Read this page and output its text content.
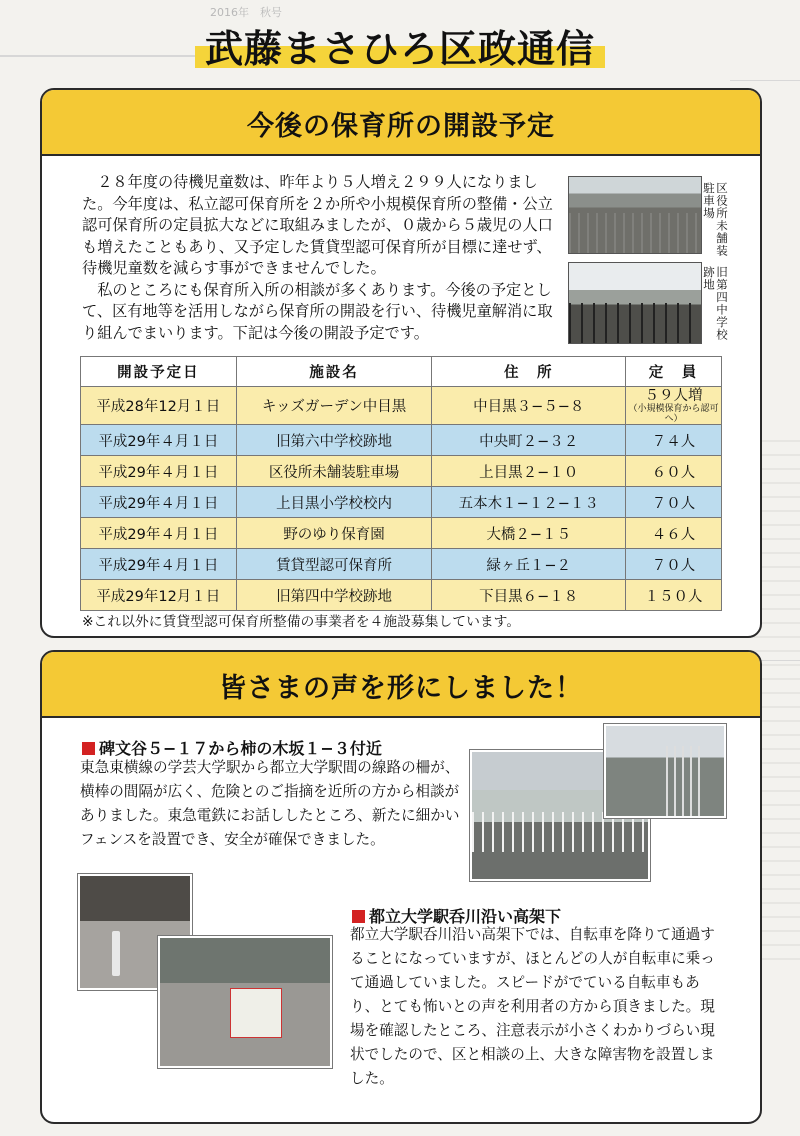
2016年　秋号
武藤まさひろ区政通信
今後の保育所の開設予定

２８年度の待機児童数は、昨年より５人増え２９９人になりました。今年度は、私立認可保育所を２か所や小規模保育所の整備・公立認可保育所の定員拡大などに取組みましたが、０歳から５歳児の人口も増えたこともあり、又予定した賃貸型認可保育所が目標に達せず、待機児童数を減らす事ができませんでした。

私のところにも保育所入所の相談が多くあります。今後の予定として、区有地等を活用しながら保育所の開設を行い、待機児童解消に取り組んでまいります。下記は今後の開設予定です。

区役所未舗装駐車場
旧第四中学校跡地
開設予定日	施設名	住　所	定　員
平成28年12月１日	キッズガーデン中目黒	中目黒３−５−８	５９人増
（小規模保育から認可へ）

平成29年４月１日	旧第六中学校跡地	中央町２−３２	７４人
平成29年４月１日	区役所未舗装駐車場	上目黒２−１０	６０人
平成29年４月１日	上目黒小学校校内	五本木１−１２−１３	７０人
平成29年４月１日	野のゆり保育園	大橋２−１５	４６人
平成29年４月１日	賃貸型認可保育所	緑ヶ丘１−２	７０人
平成29年12月１日	旧第四中学校跡地	下目黒６−１８	１５０人
※これ以外に賃貸型認可保育所整備の事業者を４施設募集しています。
皆さまの声を形にしました！
碑文谷５−１７から柿の木坂１−３付近
東急東横線の学芸大学駅から都立大学駅間の線路の柵が、横棒の間隔が広く、危険とのご指摘を近所の方から相談がありました。東急電鉄にお話ししたところ、新たに細かいフェンスを設置でき、安全が確保できました。
都立大学駅呑川沿い高架下
都立大学駅呑川沿い高架下では、自転車を降りて通過することになっていますが、ほとんどの人が自転車に乗って通過していました。スピードがでている自転車もあり、とても怖いとの声を利用者の方から頂きました。現場を確認したところ、注意表示が小さくわかりづらい現状でしたので、区と相談の上、大きな障害物を設置しました。
